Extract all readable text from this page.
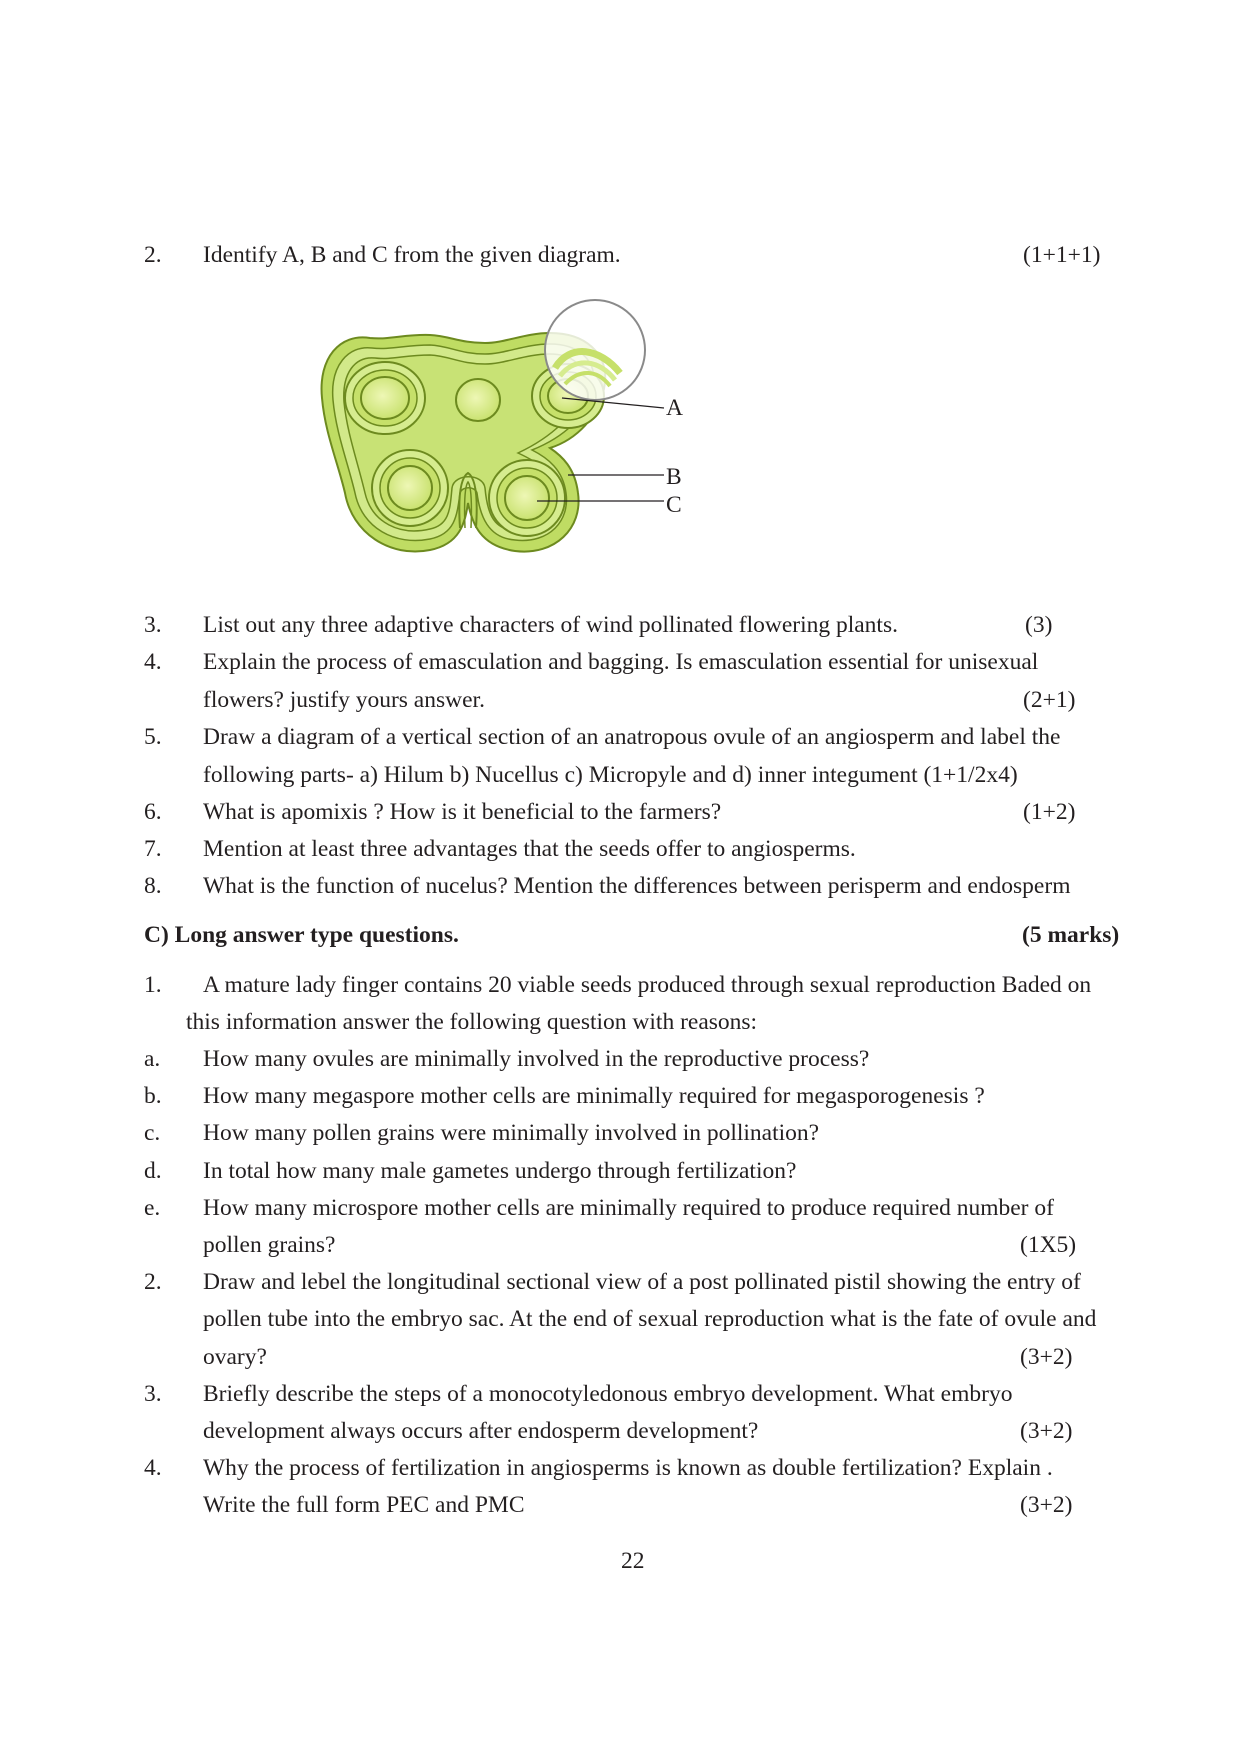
2. Identify A, B and C from the given diagram.	(1+1+1)
A
B
C
3. List out any three adaptive characters of wind pollinated flowering plants.	(3)
4. Explain the process of emasculation and bagging. Is emasculation essential for unisexual
flowers? justify yours answer.	(2+1)
5. Draw a diagram of a vertical section of an anatropous ovule of an angiosperm and label the
following parts- a) Hilum b) Nucellus c) Micropyle and d) inner integument (1+1/2x4)
6. What is apomixis ? How is it beneficial to the farmers?	(1+2)
7. Mention at least three advantages that the seeds offer to angiosperms.
8. What is the function of nucelus? Mention the differences between perisperm and endosperm
C) Long answer type questions.	(5 marks)
1. A mature lady finger contains 20 viable seeds produced through sexual reproduction Baded on
this information answer the following question with reasons:
a. How many ovules are minimally involved in the reproductive process?
b. How many megaspore mother cells are minimally required for megasporogenesis ?
c. How many pollen grains were minimally involved in pollination?
d. In total how many male gametes undergo through fertilization?
e. How many microspore mother cells are minimally required to produce required number of
pollen grains?	(1X5)
2. Draw and lebel the longitudinal sectional view of a post pollinated pistil showing the entry of
pollen tube into the embryo sac. At the end of sexual reproduction what is the fate of ovule and
ovary?	(3+2)
3. Briefly describe the steps of a monocotyledonous embryo development. What embryo
development always occurs after endosperm development?	(3+2)
4. Why the process of fertilization in angiosperms is known as double fertilization? Explain .
Write the full form PEC and PMC	(3+2)
22
